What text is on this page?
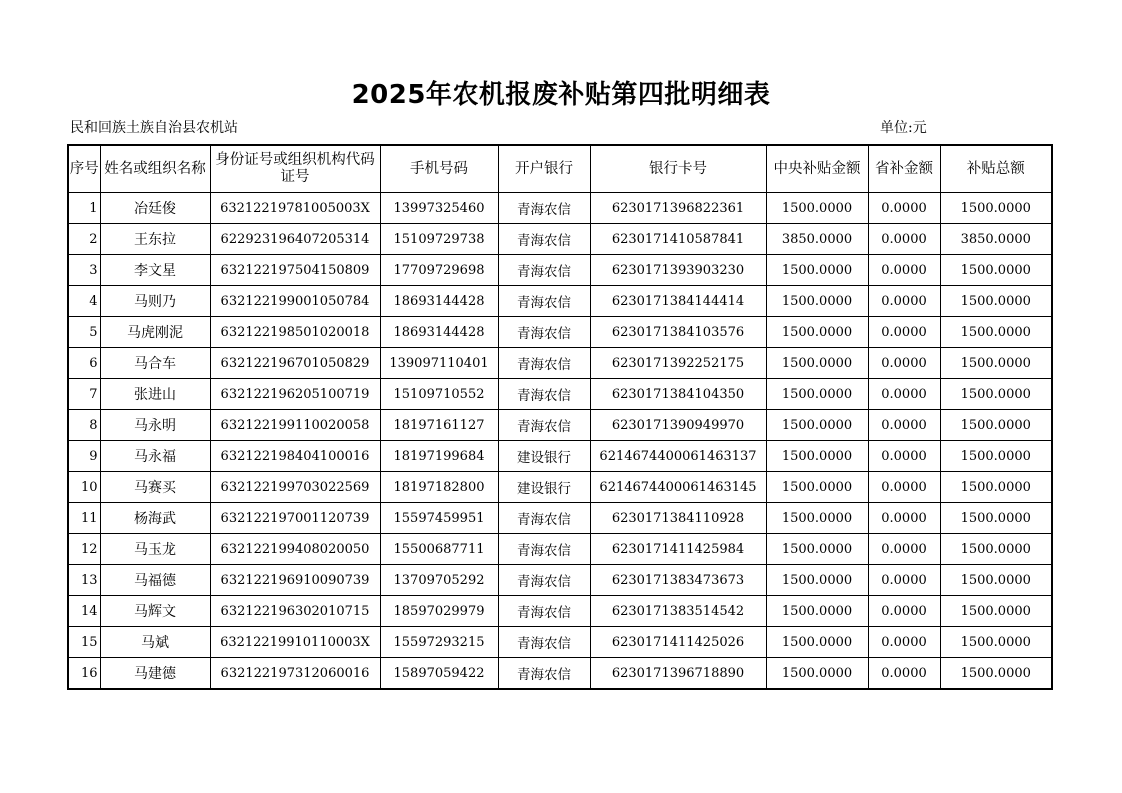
2025年农机报废补贴第四批明细表
民和回族土族自治县农机站	单位:元
序号	姓名或组织名称	身份证号或组织机构代码证号	手机号码	开户银行	银行卡号	中央补贴金额	省补金额	补贴总额
1	冶廷俊	63212219781005003X	13997325460	青海农信	6230171396822361	1500.0000	0.0000	1500.0000
2	王东拉	622923196407205314	15109729738	青海农信	6230171410587841	3850.0000	0.0000	3850.0000
3	李文星	632122197504150809	17709729698	青海农信	6230171393903230	1500.0000	0.0000	1500.0000
4	马则乃	632122199001050784	18693144428	青海农信	6230171384144414	1500.0000	0.0000	1500.0000
5	马虎刚泥	632122198501020018	18693144428	青海农信	6230171384103576	1500.0000	0.0000	1500.0000
6	马合车	632122196701050829	139097110401	青海农信	6230171392252175	1500.0000	0.0000	1500.0000
7	张进山	632122196205100719	15109710552	青海农信	6230171384104350	1500.0000	0.0000	1500.0000
8	马永明	632122199110020058	18197161127	青海农信	6230171390949970	1500.0000	0.0000	1500.0000
9	马永福	632122198404100016	18197199684	建设银行	6214674400061463137	1500.0000	0.0000	1500.0000
10	马赛买	632122199703022569	18197182800	建设银行	6214674400061463145	1500.0000	0.0000	1500.0000
11	杨海武	632122197001120739	15597459951	青海农信	6230171384110928	1500.0000	0.0000	1500.0000
12	马玉龙	632122199408020050	15500687711	青海农信	6230171411425984	1500.0000	0.0000	1500.0000
13	马福德	632122196910090739	13709705292	青海农信	6230171383473673	1500.0000	0.0000	1500.0000
14	马辉文	632122196302010715	18597029979	青海农信	6230171383514542	1500.0000	0.0000	1500.0000
15	马斌	63212219910110003X	15597293215	青海农信	6230171411425026	1500.0000	0.0000	1500.0000
16	马建德	632122197312060016	15897059422	青海农信	6230171396718890	1500.0000	0.0000	1500.0000
